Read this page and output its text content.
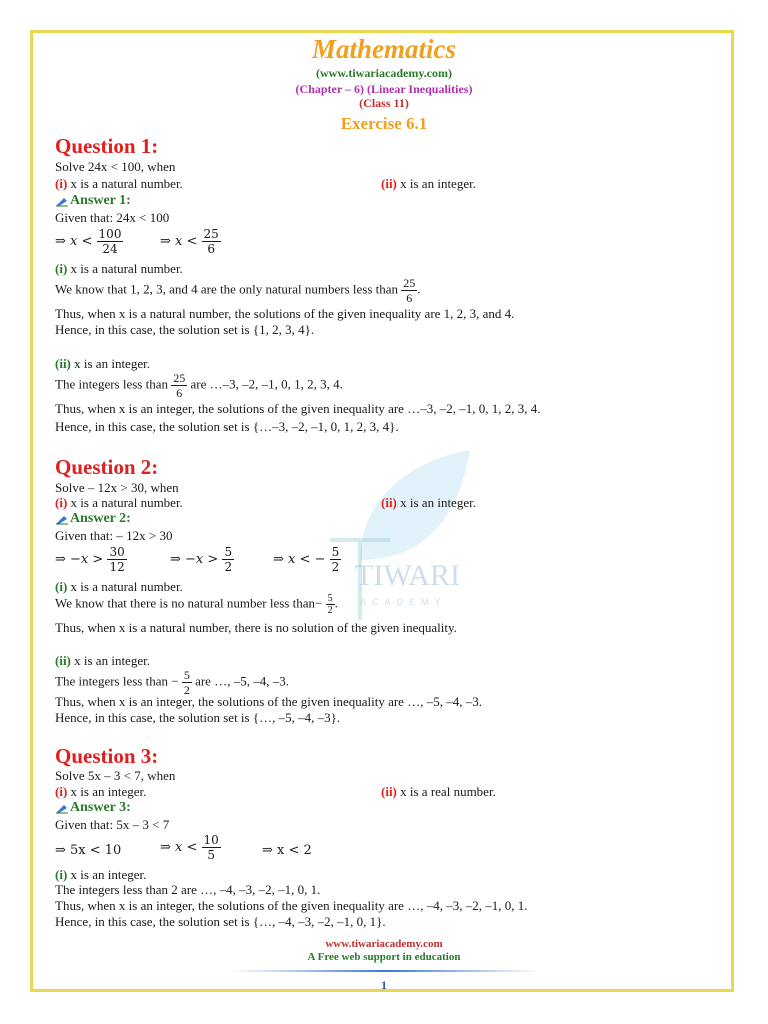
TIWARI
ACADEMY
Mathematics
(www.tiwariacademy.com)
(Chapter – 6) (Linear Inequalities)
(Class 11)
Exercise 6.1
Question 1:
Solve 24x < 100, when
(i) x is a natural number.	(ii) x is an integer.
Answer 1:
Given that: 24x < 100
⇒ $x < \frac{100}{24}$	⇒ $x < \frac{25}{6}$
(i) x is a natural number.
We know that 1, 2, 3, and 4 are the only natural numbers less than $\frac{25}{6}$ .
Thus, when x is a natural number, the solutions of the given inequality are 1, 2, 3, and 4.
Hence, in this case, the solution set is {1, 2, 3, 4}.
(ii) x is an integer.
The integers less than $\frac{25}{6}$ are …–3, –2, –1, 0, 1, 2, 3, 4.
Thus, when x is an integer, the solutions of the given inequality are …–3, –2, –1, 0, 1, 2, 3, 4.
Hence, in this case, the solution set is {…–3, –2, –1, 0, 1, 2, 3, 4}.
Question 2:
Solve – 12x > 30, when
(i) x is a natural number.	(ii) x is an integer.
Answer 2:
Given that: – 12x > 30
⇒ $-x > \frac{30}{12}$	⇒ $-x > \frac{5}{2}$	⇒ x < − $\frac{5}{2}$
(i) x is a natural number.
We know that there is no natural number less than− $\frac{5}{2}$ .
Thus, when x is a natural number, there is no solution of the given inequality.
(ii) x is an integer.
The integers less than − $\frac{5}{2}$ are …, –5, –4, –3.
Thus, when x is an integer, the solutions of the given inequality are …, –5, –4, –3.
Hence, in this case, the solution set is {…, –5, –4, –3}.
Question 3:
Solve 5x – 3 < 7, when
(i) x is an integer.	(ii) x is a real number.
Answer 3:
Given that: 5x – 3 < 7
⇒ 5x < 10	⇒ $x < \frac{10}{5}$	⇒ x < 2
(i) x is an integer.
The integers less than 2 are …, –4, –3, –2, –1, 0, 1.
Thus, when x is an integer, the solutions of the given inequality are …, –4, –3, –2, –1, 0, 1.
Hence, in this case, the solution set is {…, –4, –3, –2, –1, 0, 1}.
www.tiwariacademy.com
A Free web support in education
1
